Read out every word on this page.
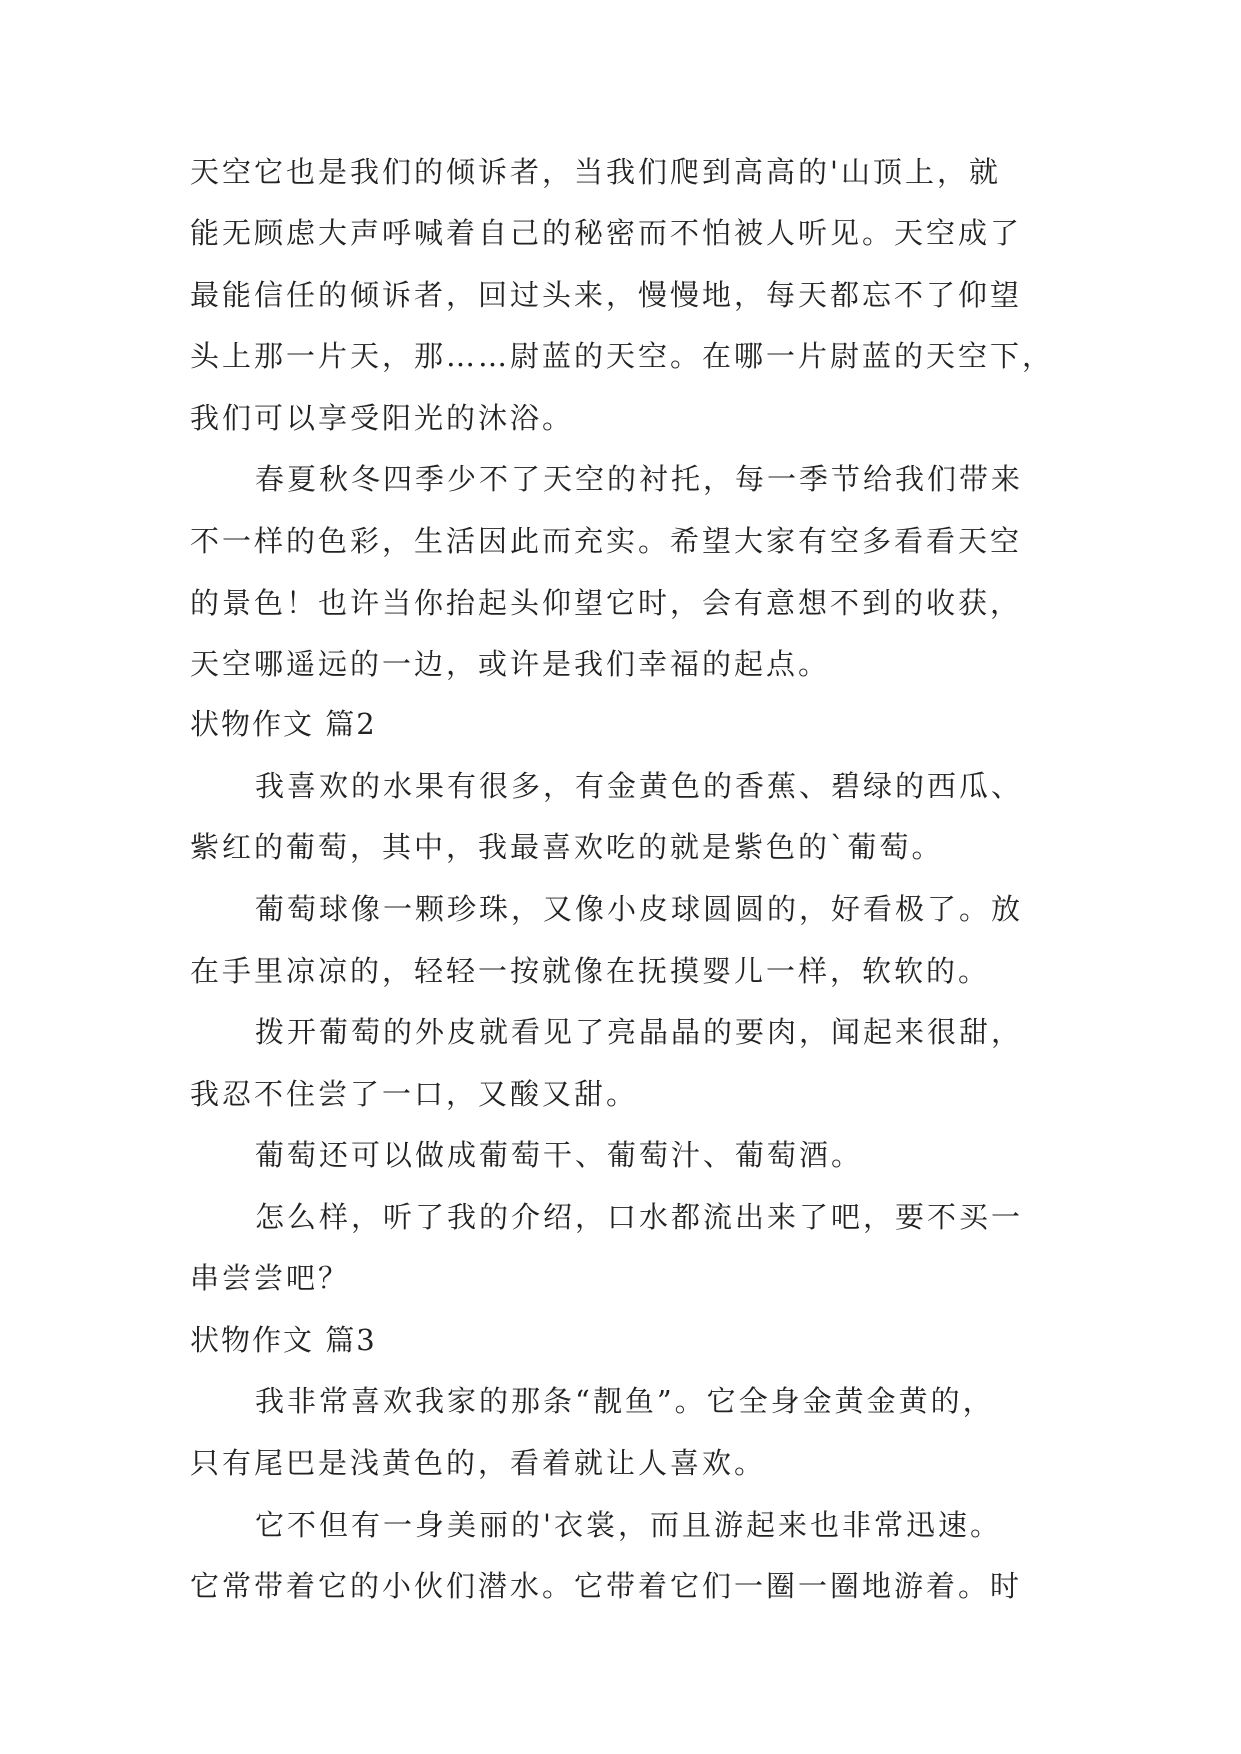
天空它也是我们的倾诉者，当我们爬到高高的'山顶上，就
能无顾虑大声呼喊着自己的秘密而不怕被人听见。天空成了
最能信任的倾诉者，回过头来，慢慢地，每天都忘不了仰望
头上那一片天，那……尉蓝的天空。在哪一片尉蓝的天空下，
我们可以享受阳光的沐浴。
春夏秋冬四季少不了天空的衬托，每一季节给我们带来
不一样的色彩，生活因此而充实。希望大家有空多看看天空
的景色！也许当你抬起头仰望它时，会有意想不到的收获，
天空哪遥远的一边，或许是我们幸福的起点。
状物作文 篇2
我喜欢的水果有很多，有金黄色的香蕉、碧绿的西瓜、
紫红的葡萄，其中，我最喜欢吃的就是紫色的`葡萄。
葡萄球像一颗珍珠，又像小皮球圆圆的，好看极了。放
在手里凉凉的，轻轻一按就像在抚摸婴儿一样，软软的。
拨开葡萄的外皮就看见了亮晶晶的要肉，闻起来很甜，
我忍不住尝了一口，又酸又甜。
葡萄还可以做成葡萄干、葡萄汁、葡萄酒。
怎么样，听了我的介绍，口水都流出来了吧，要不买一
串尝尝吧？
状物作文 篇3
我非常喜欢我家的那条“靓鱼”。它全身金黄金黄的，
只有尾巴是浅黄色的，看着就让人喜欢。
它不但有一身美丽的'衣裳，而且游起来也非常迅速。
它常带着它的小伙们潜水。它带着它们一圈一圈地游着。时
